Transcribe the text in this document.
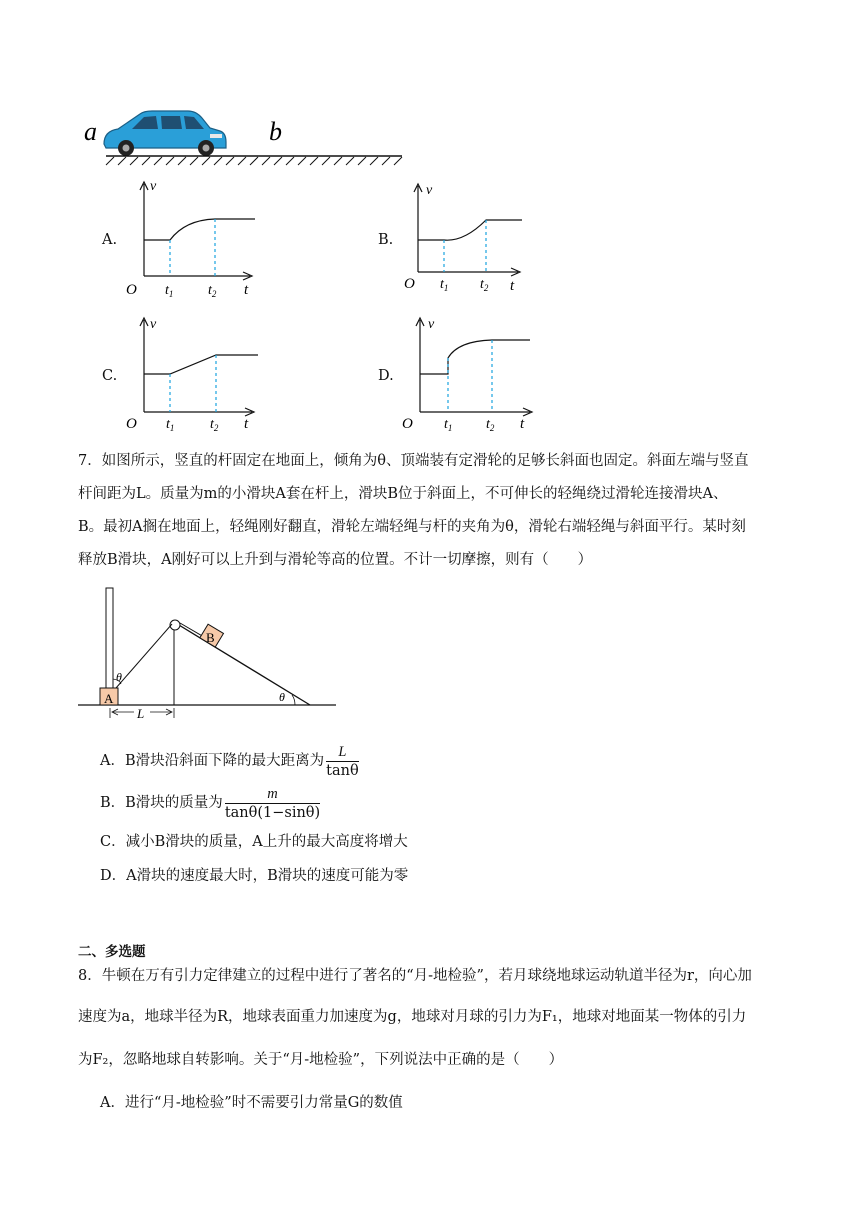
a	b
A.
v
t
O $t_1$ $t_2$
B.
v
t
O $t_1$ $t_2$
C.
v
t
O $t_1$	$t_2$
D.
v
t
O $t_1$ $t_2$
7．如图所示，竖直的杆固定在地面上，倾角为θ、顶端装有定滑轮的足够长斜面也固定。斜面左端与竖直
杆间距为L。质量为m的小滑块A套在杆上，滑块B位于斜面上，不可伸长的轻绳绕过滑轮连接滑块A、
B。最初A搁在地面上，轻绳刚好翻直，滑轮左端轻绳与杆的夹角为θ，滑轮右端轻绳与斜面平行。某时刻
释放B滑块，A刚好可以上升到与滑轮等高的位置。不计一切摩擦，则有（　　）
A
B
θ
θ
L
A．B滑块沿斜面下降的最大距离为 $\frac{L}{\tan\theta}$
B．B滑块的质量为 $\frac{m}{\tan\theta(1-\sin\theta)}$
C．减小B滑块的质量，A上升的最大高度将增大
D．A滑块的速度最大时，B滑块的速度可能为零
二、多选题
8．牛顿在万有引力定律建立的过程中进行了著名的“月-地检验”，若月球绕地球运动轨道半径为r，向心加
速度为a，地球半径为R，地球表面重力加速度为g，地球对月球的引力为F₁，地球对地面某一物体的引力
为F₂，忽略地球自转影响。关于“月-地检验”，下列说法中正确的是（　　）
A．进行“月-地检验”时不需要引力常量G的数值
